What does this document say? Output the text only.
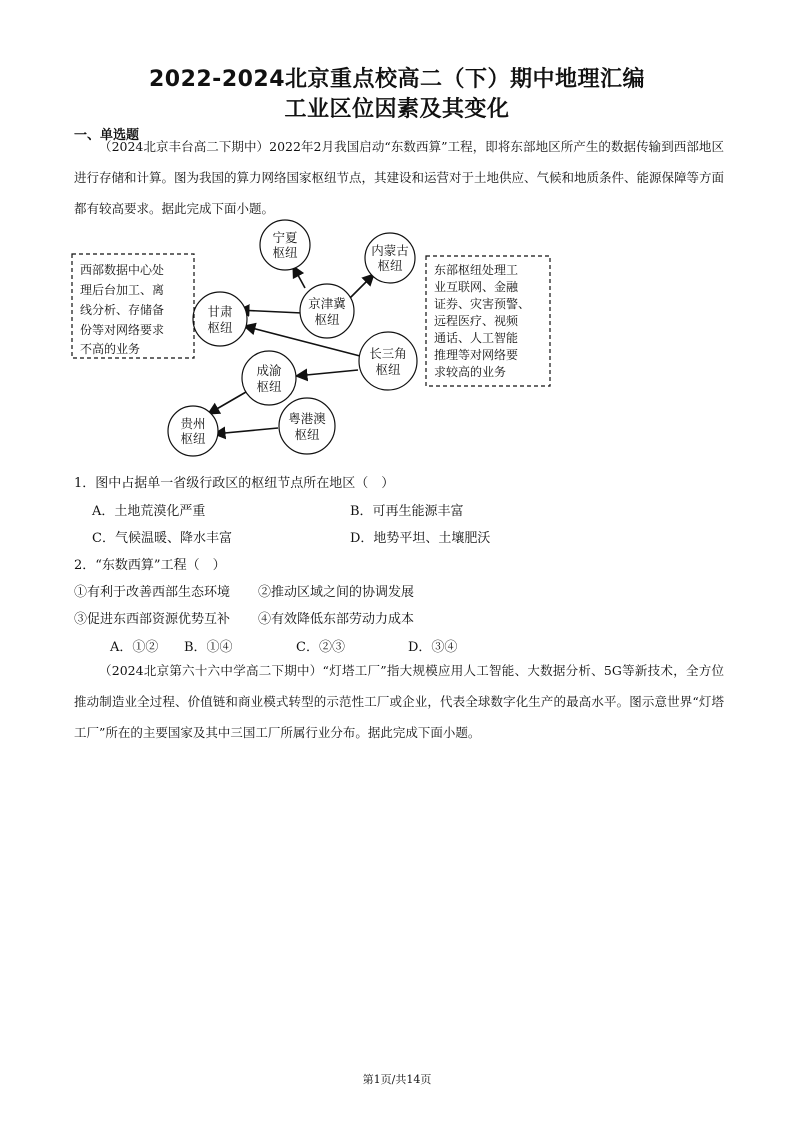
2022-2024北京重点校高二（下）期中地理汇编
工业区位因素及其变化
一、单选题
（2024北京丰台高二下期中）2022年2月我国启动“东数西算”工程，即将东部地区所产生的数据传输到西部地区进行存储和计算。图为我国的算力网络国家枢纽节点，其建设和运营对于土地供应、气候和地质条件、能源保障等方面都有较高要求。据此完成下面小题。
宁夏
枢纽	内蒙古
枢纽
京津冀
枢纽
甘肃
枢纽
长三角
枢纽
成渝
枢纽
贵州
枢纽
粤港澳
枢纽
西部数据中心处
理后台加工、离
线分析、存储备
份等对网络要求
不高的业务
东部枢纽处理工
业互联网、金融
证券、灾害预警、
远程医疗、视频
通话、人工智能
推理等对网络要
求较高的业务
1．图中占据单一省级行政区的枢纽节点所在地区（　）
A．土地荒漠化严重	B．可再生能源丰富
C．气候温暖、降水丰富	D．地势平坦、土壤肥沃
2．“东数西算”工程（　）
①有利于改善西部生态环境 ②推动区域之间的协调发展
③促进东西部资源优势互补 ④有效降低东部劳动力成本
A．①② B．①④	C．②③	D．③④
（2024北京第六十六中学高二下期中）“灯塔工厂”指大规模应用人工智能、大数据分析、5G等新技术，全方位推动制造业全过程、价值链和商业模式转型的示范性工厂或企业，代表全球数字化生产的最高水平。图示意世界“灯塔工厂”所在的主要国家及其中三国工厂所属行业分布。据此完成下面小题。
第1页/共14页
